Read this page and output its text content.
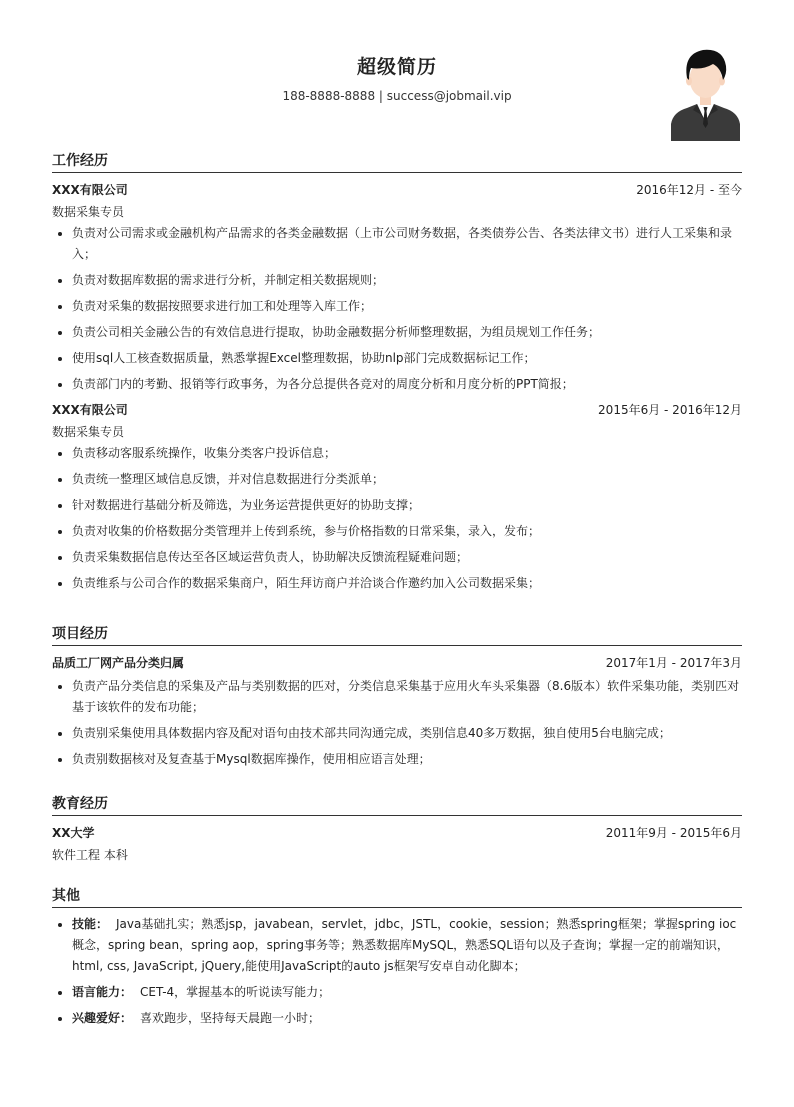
超级简历
188-8888-8888 | success@jobmail.vip
工作经历
XXX有限公司	2016年12月 - 至今
数据采集专员
• 负责对公司需求或金融机构产品需求的各类金融数据（上市公司财务数据，各类债券公告、各类法律文书）进行人工采集和录入；
• 负责对数据库数据的需求进行分析，并制定相关数据规则；
• 负责对采集的数据按照要求进行加工和处理等入库工作；
• 负责公司相关金融公告的有效信息进行提取，协助金融数据分析师整理数据，为组员规划工作任务；
• 使用sql人工核查数据质量，熟悉掌握Excel整理数据，协助nlp部门完成数据标记工作；
• 负责部门内的考勤、报销等行政事务，为各分总提供各竞对的周度分析和月度分析的PPT简报；
XXX有限公司	2015年6月 - 2016年12月
数据采集专员
• 负责移动客服系统操作，收集分类客户投诉信息；
• 负责统一整理区域信息反馈，并对信息数据进行分类派单；
• 针对数据进行基础分析及筛选，为业务运营提供更好的协助支撑；
• 负责对收集的价格数据分类管理并上传到系统，参与价格指数的日常采集，录入，发布；
• 负责采集数据信息传达至各区域运营负责人，协助解决反馈流程疑难问题；
• 负责维系与公司合作的数据采集商户，陌生拜访商户并洽谈合作邀约加入公司数据采集；
项目经历
品质工厂网产品分类归属	2017年1月 - 2017年3月
• 负责产品分类信息的采集及产品与类别数据的匹对，分类信息采集基于应用火车头采集器（8.6版本）软件采集功能，类别匹对基于该软件的发布功能；
• 负责别采集使用具体数据内容及配对语句由技术部共同沟通完成，类别信息40多万数据，独自使用5台电脑完成；
• 负责别数据核对及复查基于Mysql数据库操作，使用相应语言处理；
教育经历
XX大学	2011年9月 - 2015年6月
软件工程 本科
其他
• 技能： Java基础扎实；熟悉jsp，javabean，servlet，jdbc，JSTL，cookie，session；熟悉spring框架；掌握spring ioc概念，spring bean，spring aop，spring事务等；熟悉数据库MySQL，熟悉SQL语句以及子查询；掌握一定的前端知识，html, css, JavaScript, jQuery,能使用JavaScript的auto js框架写安卓自动化脚本；
• 语言能力： CET-4，掌握基本的听说读写能力；
• 兴趣爱好： 喜欢跑步，坚持每天晨跑一小时；
